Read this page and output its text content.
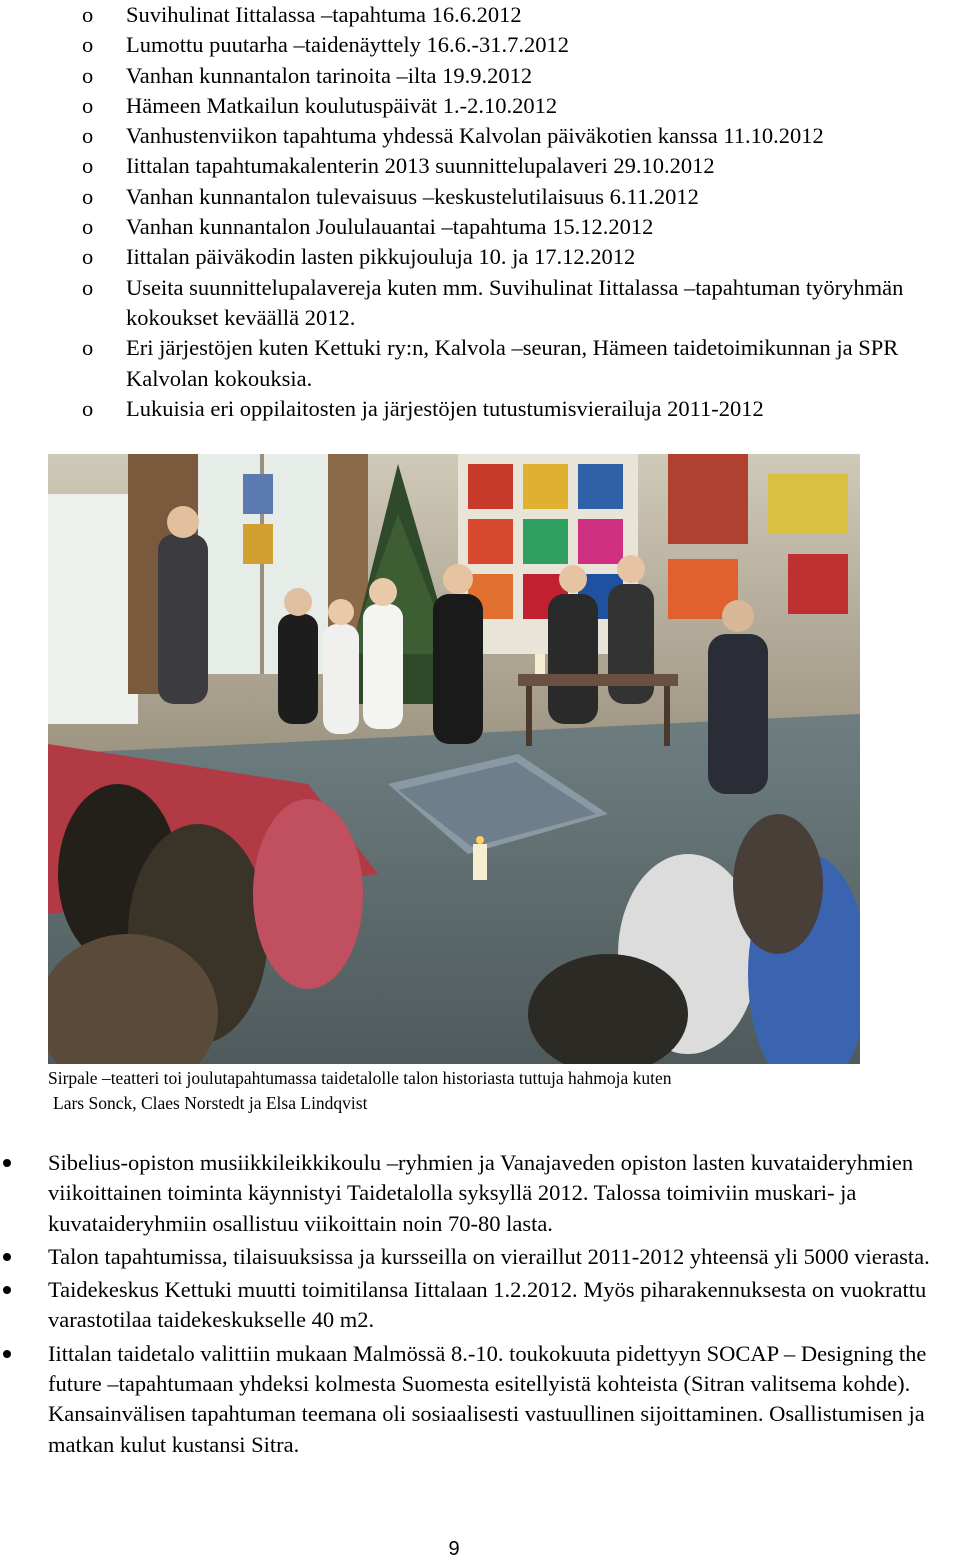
o Suvihulinat Iittalassa –tapahtuma 16.6.2012
o Lumottu puutarha –taidenäyttely 16.6.-31.7.2012
o Vanhan kunnantalon tarinoita –ilta 19.9.2012
o Hämeen Matkailun koulutuspäivät 1.-2.10.2012
o Vanhustenviikon tapahtuma yhdessä Kalvolan päiväkotien kanssa 11.10.2012
o Iittalan tapahtumakalenterin 2013 suunnittelupalaveri 29.10.2012
o Vanhan kunnantalon tulevaisuus –keskustelutilaisuus 6.11.2012
o Vanhan kunnantalon Joululauantai –tapahtuma 15.12.2012
o Iittalan päiväkodin lasten pikkujouluja 10. ja 17.12.2012
o Useita suunnittelupalavereja kuten mm. Suvihulinat Iittalassa –tapahtuman työryhmän kokoukset keväällä 2012.
o Eri järjestöjen kuten Kettuki ry:n, Kalvola –seuran, Hämeen taidetoimikunnan ja SPR Kalvolan kokouksia.
o Lukuisia eri oppilaitosten ja järjestöjen tutustumisvierailuja 2011-2012
Sirpale –teatteri toi joulutapahtumassa taidetalolle talon historiasta tuttuja hahmoja kuten
Lars Sonck, Claes Norstedt ja Elsa Lindqvist
Sibelius-opiston musiikkileikkikoulu –ryhmien ja Vanajaveden opiston lasten kuvataideryhmien viikoittainen toiminta käynnistyi Taidetalolla syksyllä 2012. Talossa toimiviin muskari- ja kuvataideryhmiin osallistuu viikoittain noin 70-80 lasta.
Talon tapahtumissa, tilaisuuksissa ja kursseilla on vieraillut 2011-2012 yhteensä yli 5000 vierasta.
Taidekeskus Kettuki muutti toimitilansa Iittalaan 1.2.2012. Myös piharakennuksesta on vuokrattu varastotilaa taidekeskukselle 40 m2.
Iittalan taidetalo valittiin mukaan Malmössä 8.-10. toukokuuta pidettyyn SOCAP – Designing the future –tapahtumaan yhdeksi kolmesta Suomesta esitellyistä kohteista (Sitran valitsema kohde). Kansainvälisen tapahtuman teemana oli sosiaalisesti vastuullinen sijoittaminen. Osallistumisen ja matkan kulut kustansi Sitra.
9
